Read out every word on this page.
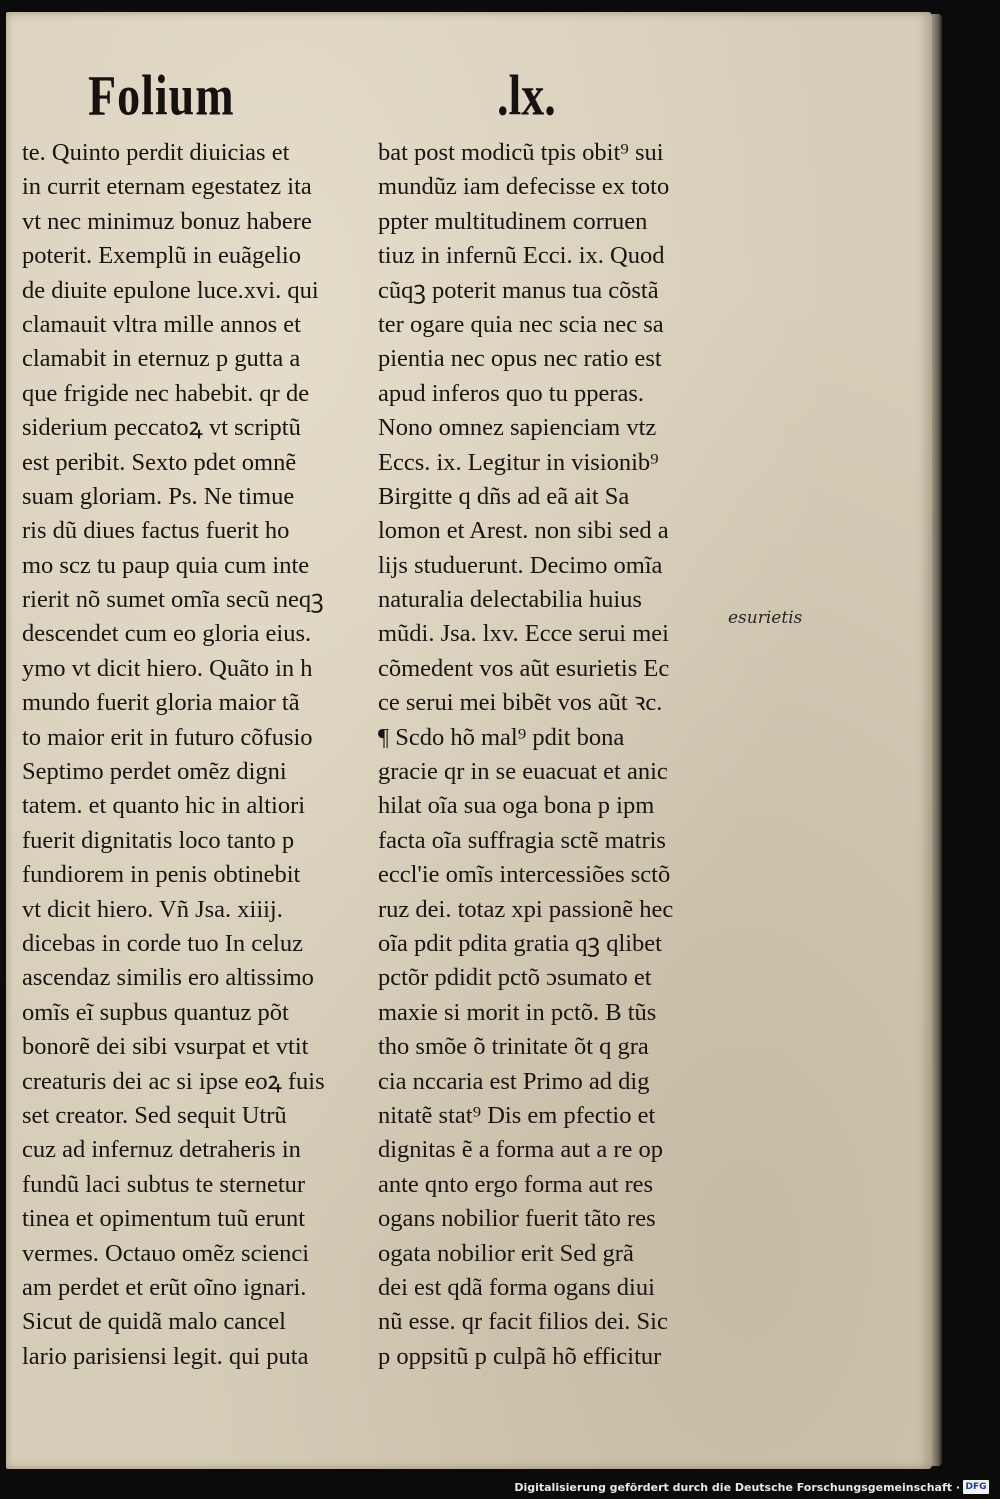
Folium	.lx.
te. Quinto perdit diuicias et
in currit eternam egestatez ita
vt nec minimuz bonuz habere
poterit. Exemplũ in euãgelio
de diuite epulone luce.xvi. qui
clamauit vltra mille annos et
clamabit in eternuz p gutta a
que frigide nec habebit. qr de
siderium peccatoꝝ vt scriptũ
est peribit. Sexto pdet omnẽ
suam gloriam. Ps. Ne timue
ris dũ diues factus fuerit ho
mo scz tu paup quia cum inte
rierit nõ sumet omĩa secũ neqꝫ
descendet cum eo gloria eius.
ymo vt dicit hiero. Quãto in h
mundo fuerit gloria maior tã
to maior erit in futuro cõfusio
Septimo perdet omẽz digni
tatem. et quanto hic in altiori
fuerit dignitatis loco tanto p
fundiorem in penis obtinebit
vt dicit hiero. Vñ Jsa. xiiij.
dicebas in corde tuo In celuz
ascendaz similis ero altissimo
omĩs eĩ supbus quantuz põt
bonorẽ dei sibi vsurpat et vtit
creaturis dei ac si ipse eoꝝ fuis
set creator. Sed sequit Utrũ
cuz ad infernuz detraheris in
fundũ laci subtus te sternetur
tinea et opimentum tuũ erunt
vermes. Octauo omẽz scienci
am perdet et erũt oĩno ignari.
Sicut de quidã malo cancel
lario parisiensi legit. qui puta
bat post modicũ tpis obit⁹ sui
mundũz iam defecisse ex toto
ppter multitudinem corruen
tiuz in infernũ Ecci. ix. Quod
cũqꝫ poterit manus tua cõstã
ter ogare quia nec scia nec sa
pientia nec opus nec ratio est
apud inferos quo tu pperas.
Nono omnez sapienciam vtz
Eccs. ix. Legitur in visionib⁹
Birgitte q dñs ad eã ait Sa
lomon et Arest. non sibi sed a
lijs studuerunt. Decimo omĩa
naturalia delectabilia huius
mũdi. Jsa. lxv. Ecce serui mei
cõmedent vos aũt esurietis Ec
ce serui mei bibẽt vos aũt ꝛc.
¶ Scdo hõ mal⁹ pdit bona
gracie qr in se euacuat et anic
hilat oĩa sua oga bona p ipm
facta oĩa suffragia sctẽ matris
eccl'ie omĩs intercessiões sctõ
ruz dei. totaz xpi passionẽ hec
oĩa pdit pdita gratia qꝫ qlibet
pctõr pdidit pctõ ɔsumato et
maxie si morit in pctõ. B tũs
tho smõe õ trinitate õt q gra
cia nccaria est Primo ad dig
nitatẽ stat⁹ Dis em pfectio et
dignitas ẽ a forma aut a re op
ante qnto ergo forma aut res
ogans nobilior fuerit tãto res
ogata nobilior erit Sed grã
dei est qdã forma ogans diui
nũ esse. qr facit filios dei. Sic
p oppsitũ p culpã hõ efficitur
esurietis
Digitalisierung gefördert durch die Deutsche Forschungsgemeinschaft · DFG
